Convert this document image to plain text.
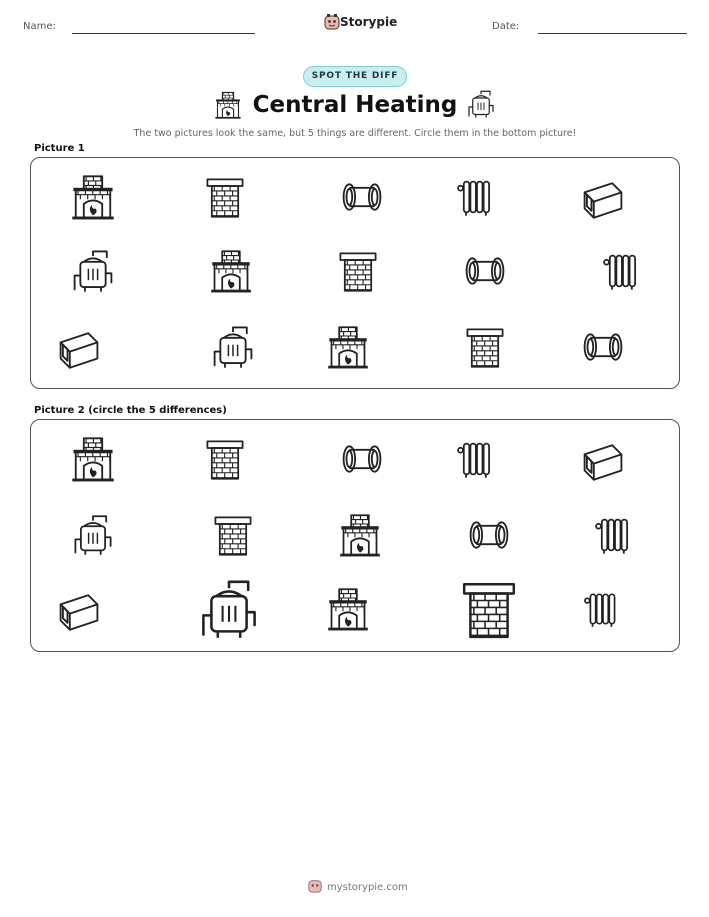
Name:	Storypie	Date:
SPOT THE DIFF
Central Heating
The two pictures look the same, but 5 things are different. Circle them in the bottom picture!
Picture 1
Picture 2 (circle the 5 differences)
mystorypie.com
